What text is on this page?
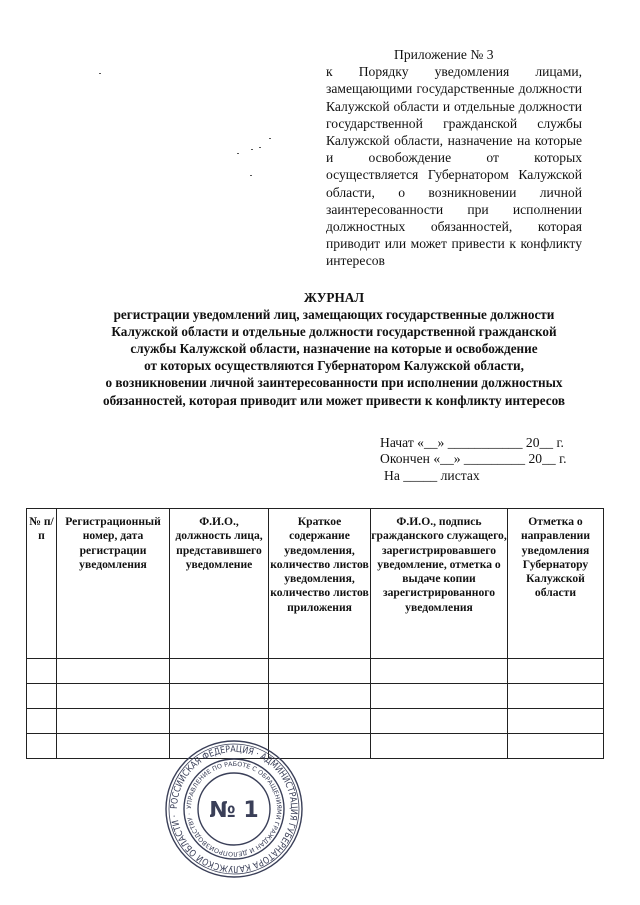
Приложение № 3
к Порядку уведомления лицами, замещающими государственные должности Калужской области и отдельные должности государственной гражданской службы Калужской области, назначение на которые и освобождение от которых осуществляется Губернатором Калужской области, о возникновении личной заинтересованности при исполнении должностных обязанностей, которая приводит или может привести к конфликту интересов
ЖУРНАЛ
регистрации уведомлений лиц, замещающих государственные должности
Калужской области и отдельные должности государственной гражданской
службы Калужской области, назначение на которые и освобождение
от которых осуществляются Губернатором Калужской области,
о возникновении личной заинтересованности при исполнении должностных
обязанностей, которая приводит или может привести к конфликту интересов
Начат «__» ___________ 20__ г.
Окончен «__» _________ 20__ г.
На _____ листах
№ п/п	Регистрационный номер, дата регистрации уведомления	Ф.И.О., должность лица, представившего уведомление	Краткое содержание уведомления, количество листов уведомления, количество листов приложения	Ф.И.О., подпись гражданского служащего, зарегистрировавшего уведомление, отметка о выдаче копии зарегистрированного уведомления	Отметка о направлении уведомления Губернатору Калужской области

РОССИЙСКАЯ ФЕДЕРАЦИЯ · АДМИНИСТРАЦИЯ ГУБЕРНАТОРА КАЛУЖСКОЙ ОБЛАСТИ ·
УПРАВЛЕНИЕ ПО РАБОТЕ С ОБРАЩЕНИЯМИ ГРАЖДАН И ДЕЛОПРОИЗВОДСТВУ · № 1
